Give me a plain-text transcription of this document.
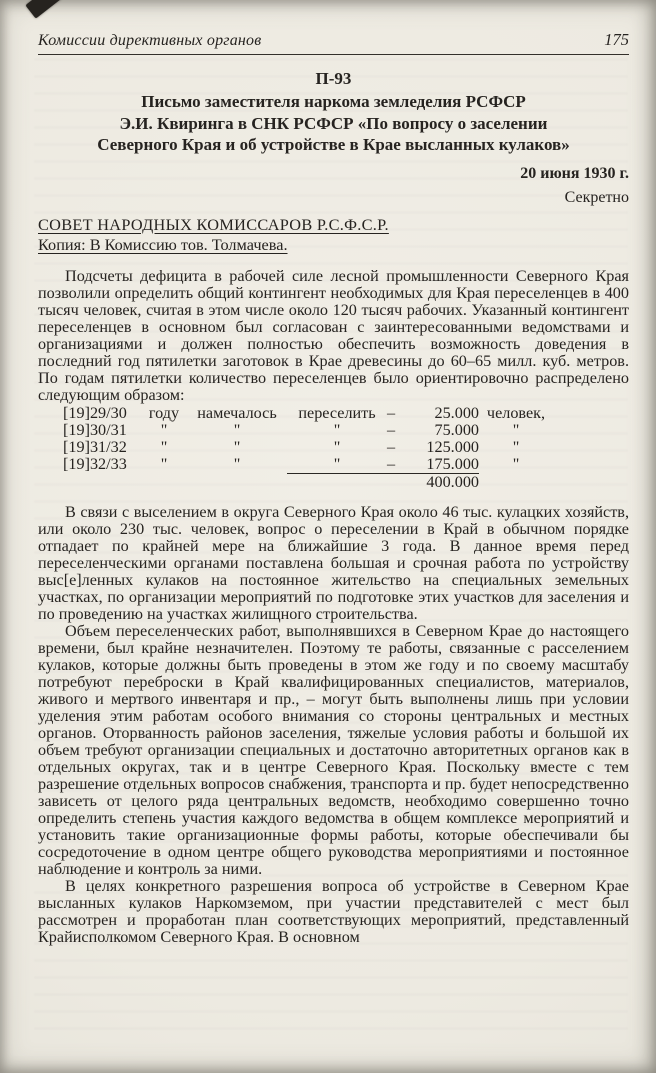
Комиссии директивных органов	175
П-93
Письмо заместителя наркома земледелия РСФСР
Э.И. Квиринга в СНК РСФСР «По вопросу о заселении
Северного Края и об устройстве в Крае высланных кулаков»
20 июня 1930 г.
Секретно
СОВЕТ НАРОДНЫХ КОМИССАРОВ Р.С.Ф.С.Р.
Копия: В Комиссию тов. Толмачева.

Подсчеты дефицита в рабочей силе лесной промышленности Северного Края позволили определить общий контингент необходимых для Края переселенцев в 400 тысяч человек, считая в этом числе около 120 тысяч рабочих. Указанный контингент переселенцев в основном был согласован с заинтересованными ведомствами и организациями и должен полностью обеспечить возможность доведения в последний год пятилетки заготовок в Крае древесины до 60–65 милл. куб. метров. По годам пятилетки количество переселенцев было ориентировочно распределено следующим образом:

[19]29/30	году	намечалось	переселить – 25.000 человек,
[19]30/31	"	"	"	– 75.000	"
[19]31/32	"	"	"	– 125.000	"
[19]32/33	"	"	"	– 175.000	"
400.000

В связи с выселением в округа Северного Края около 46 тыс. кулацких хозяйств, или около 230 тыс. человек, вопрос о переселении в Край в обычном порядке отпадает по крайней мере на ближайшие 3 года. В данное время перед переселенческими органами поставлена большая и срочная работа по устройству выс[е]ленных кулаков на постоянное жительство на специальных земельных участках, по организации мероприятий по подготовке этих участков для заселения и по проведению на участках жилищного строительства.

Объем переселенческих работ, выполнявшихся в Северном Крае до настоящего времени, был крайне незначителен. Поэтому те работы, связанные с расселением кулаков, которые должны быть проведены в этом же году и по своему масштабу потребуют переброски в Край квалифицированных специалистов, материалов, живого и мертвого инвентаря и пр., – могут быть выполнены лишь при условии уделения этим работам особого внимания со стороны центральных и местных органов. Оторванность районов заселения, тяжелые условия работы и большой их объем требуют организации специальных и достаточно авторитетных органов как в отдельных округах, так и в центре Северного Края. Поскольку вместе с тем разрешение отдельных вопросов снабжения, транспорта и пр. будет непосредственно зависеть от целого ряда центральных ведомств, необходимо совершенно точно определить степень участия каждого ведомства в общем комплексе мероприятий и установить такие организационные формы работы, которые обеспечивали бы сосредоточение в одном центре общего руководства мероприятиями и постоянное наблюдение и контроль за ними.

В целях конкретного разрешения вопроса об устройстве в Северном Крае высланных кулаков Наркомземом, при участии представителей с мест был рассмотрен и проработан план соответствующих мероприятий, представленный Крайисполкомом Северного Края. В основном
